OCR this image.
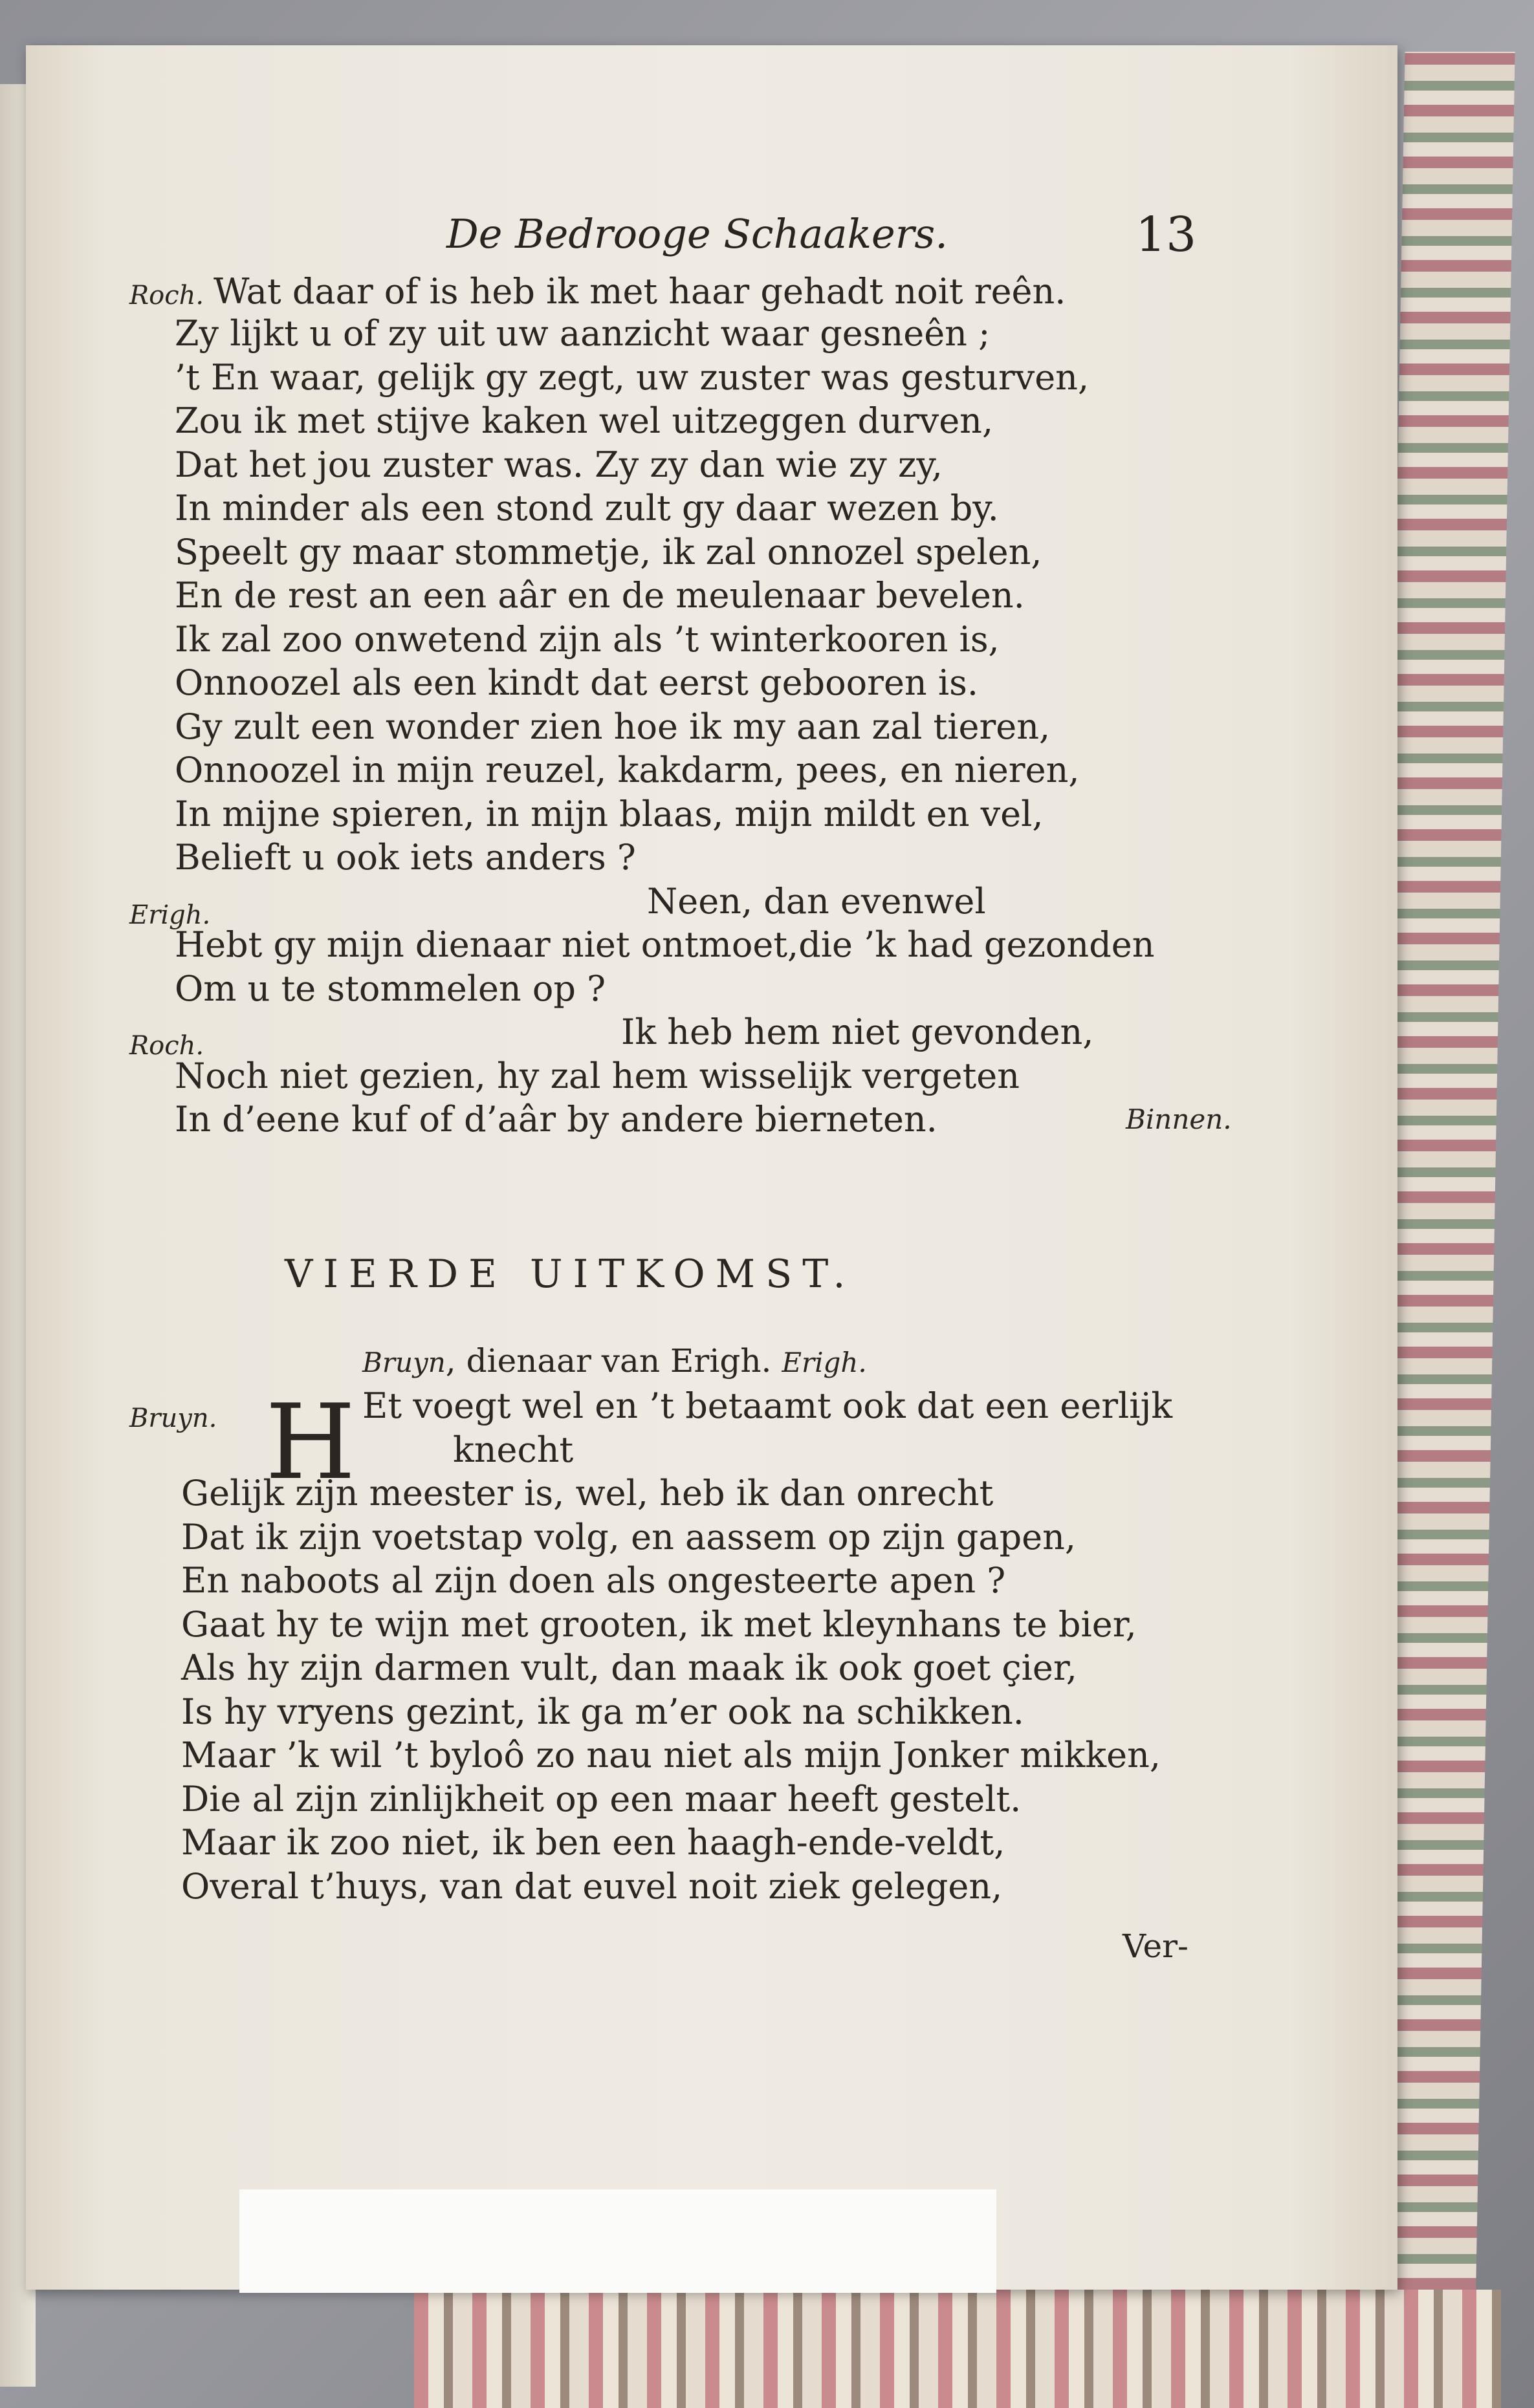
De Bedrooge Schaakers.	13
Roch. Wat daar of is heb ik met haar gehadt noit reên.
Zy lijkt u of zy uit uw aanzicht waar gesneên ;
’t En waar, gelijk gy zegt, uw zuster was gesturven,
Zou ik met stijve kaken wel uitzeggen durven,
Dat het jou zuster was. Zy zy dan wie zy zy,
In minder als een stond zult gy daar wezen by.
Speelt gy maar stommetje, ik zal onnozel spelen,
En de rest an een aâr en de meulenaar bevelen.
Ik zal zoo onwetend zijn als ’t winterkooren is,
Onnoozel als een kindt dat eerst gebooren is.
Gy zult een wonder zien hoe ik my aan zal tieren,
Onnoozel in mijn reuzel, kakdarm, pees, en nieren,
In mijne spieren, in mijn blaas, mijn mildt en vel,
Belieft u ook iets anders ?
Erigh.	Neen, dan evenwel
Hebt gy mijn dienaar niet ontmoet,die ’k had gezonden
Om u te stommelen op ?
Roch.	Ik heb hem niet gevonden,
Noch niet gezien, hy zal hem wisselijk vergeten
In d’eene kuf of d’aâr by andere bierneten.	Binnen.
VIERDE UITKOMST.
Bruyn, dienaar van Erigh. Erigh.
Bruyn.	Et voegt wel en ’t betaamt ook dat een eerlijk
knecht
Gelijk zijn meester is, wel, heb ik dan onrecht
Dat ik zijn voetstap volg, en aassem op zijn gapen,
En naboots al zijn doen als ongesteerte apen ?
Gaat hy te wijn met grooten, ik met kleynhans te bier,
Als hy zijn darmen vult, dan maak ik ook goet çier,
Is hy vryens gezint, ik ga m’er ook na schikken.
Maar ’k wil ’t byloô zo nau niet als mijn Jonker mikken,
Die al zijn zinlijkheit op een maar heeft gestelt.
Maar ik zoo niet, ik ben een haagh-ende-veldt,
Overal t’huys, van dat euvel noit ziek gelegen,
H
Ver-
